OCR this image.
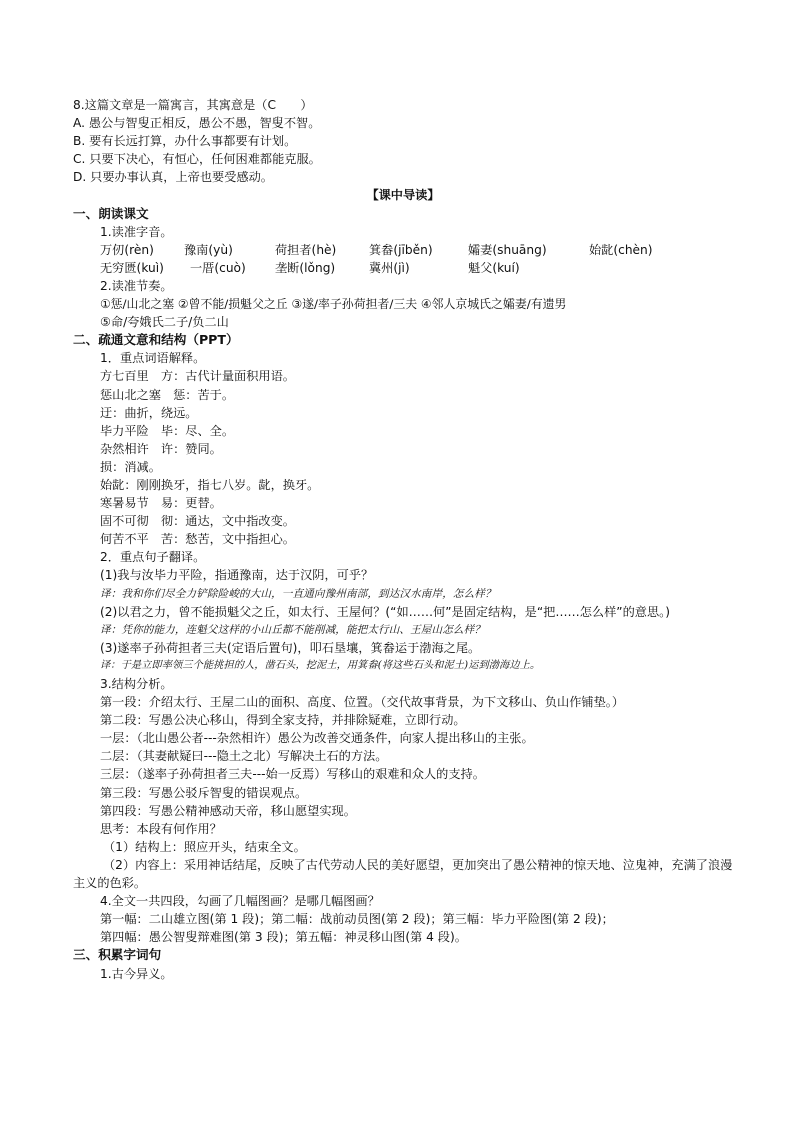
8.这篇文章是一篇寓言，其寓意是（C　　）
A. 愚公与智叟正相反，愚公不愚，智叟不智。
B. 要有长远打算，办什么事都要有计划。
C. 只要下决心，有恒心，任何困难都能克服。
D. 只要办事认真，上帝也要受感动。
【课中导读】
一、朗读课文
1.读准字音。
万仞(rèn) 豫南(yù)	荷担者(hè)	箕畚(jīběn)	孀妻(shuāng)	始龀(chèn)
无穷匮(kuì) 一厝(cuò) 垄断(lǒng)	冀州(jì)	魁父(kuí)
2.读准节奏。
①惩/山北之塞 ②曾不能/损魁父之丘 ③遂/率子孙荷担者/三夫 ④邻人京城氏之孀妻/有遗男
⑤命/夸娥氏二子/负二山
二、疏通文意和结构（PPT）
1．重点词语解释。
方七百里　方：古代计量面积用语。
惩山北之塞　惩：苦于。
迂：曲折，绕远。
毕力平险　毕：尽、全。
杂然相许　许：赞同。
损：消减。
始龀：刚刚换牙，指七八岁。龀，换牙。
寒暑易节　易：更替。
固不可彻　彻：通达，文中指改变。
何苦不平　苦：愁苦，文中指担心。
2．重点句子翻译。
(1)我与汝毕力平险，指通豫南，达于汉阴，可乎？
译：我和你们尽全力铲除险峻的大山，一直通向豫州南部，到达汉水南岸，怎么样？
(2)以君之力，曾不能损魁父之丘，如太行、王屋何？(“如……何”是固定结构，是“把……怎么样”的意思。)
译：凭你的能力，连魁父这样的小山丘都不能削减，能把太行山、王屋山怎么样？
(3)遂率子孙荷担者三夫(定语后置句)，叩石垦壤，箕畚运于渤海之尾。
译：于是立即率领三个能挑担的人，凿石头，挖泥土，用箕畚(将这些石头和泥土)运到渤海边上。
3.结构分析。
第一段：介绍太行、王屋二山的面积、高度、位置。（交代故事背景，为下文移山、负山作铺垫。）
第二段：写愚公决心移山，得到全家支持，并排除疑难，立即行动。
一层：（北山愚公者---杂然相许）愚公为改善交通条件，向家人提出移山的主张。
二层：（其妻献疑曰---隐土之北）写解决土石的方法。
三层：（遂率子孙荷担者三夫---始一反焉）写移山的艰难和众人的支持。
第三段：写愚公驳斥智叟的错误观点。
第四段：写愚公精神感动天帝，移山愿望实现。
思考：本段有何作用？
（1）结构上：照应开头，结束全文。
（2）内容上：采用神话结尾，反映了古代劳动人民的美好愿望，更加突出了愚公精神的惊天地、泣鬼神，充满了浪漫主义的色彩。
4.全文一共四段，勾画了几幅图画？是哪几幅图画？
第一幅：二山雄立图(第 1 段)；第二幅：战前动员图(第 2 段)；第三幅：毕力平险图(第 2 段)；
第四幅：愚公智叟辩难图(第 3 段)；第五幅：神灵移山图(第 4 段)。
三、积累字词句
1.古今异义。
